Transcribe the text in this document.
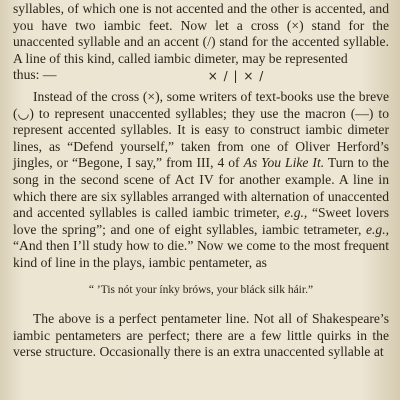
syllables, of which one is not accented and the other is accented, and you have two iambic feet. Now let a cross (×) stand for the unaccented syllable and an accent (/) stand for the accented syllable. A line of this kind, called iambic dimeter, may be represented
thus: —	× / | × /

Instead of the cross (×), some writers of text-books use the breve (◡) to represent unaccented syllables; they use the macron (—) to represent accented syllables. It is easy to construct iambic dimeter lines, as “Defend yourself,” taken from one of Oliver Herford’s jingles, or “Begone, I say,” from III, 4 of As You Like It. Turn to the song in the second scene of Act IV for another example. A line in which there are six syllables arranged with alternation of unaccented and accented syllables is called iambic trimeter, e.g., “Sweet lovers love the spring”; and one of eight syllables, iambic tetrameter, e.g., “And then I’ll study how to die.” Now we come to the most frequent kind of line in the plays, iambic pentameter, as

“ ’Tis nót your ínky bróws, your bláck silk háir.”

The above is a perfect pentameter line. Not all of Shakespeare’s iambic pentameters are perfect; there are a few little quirks in the verse structure. Occasionally there is an extra unaccented syllable at
